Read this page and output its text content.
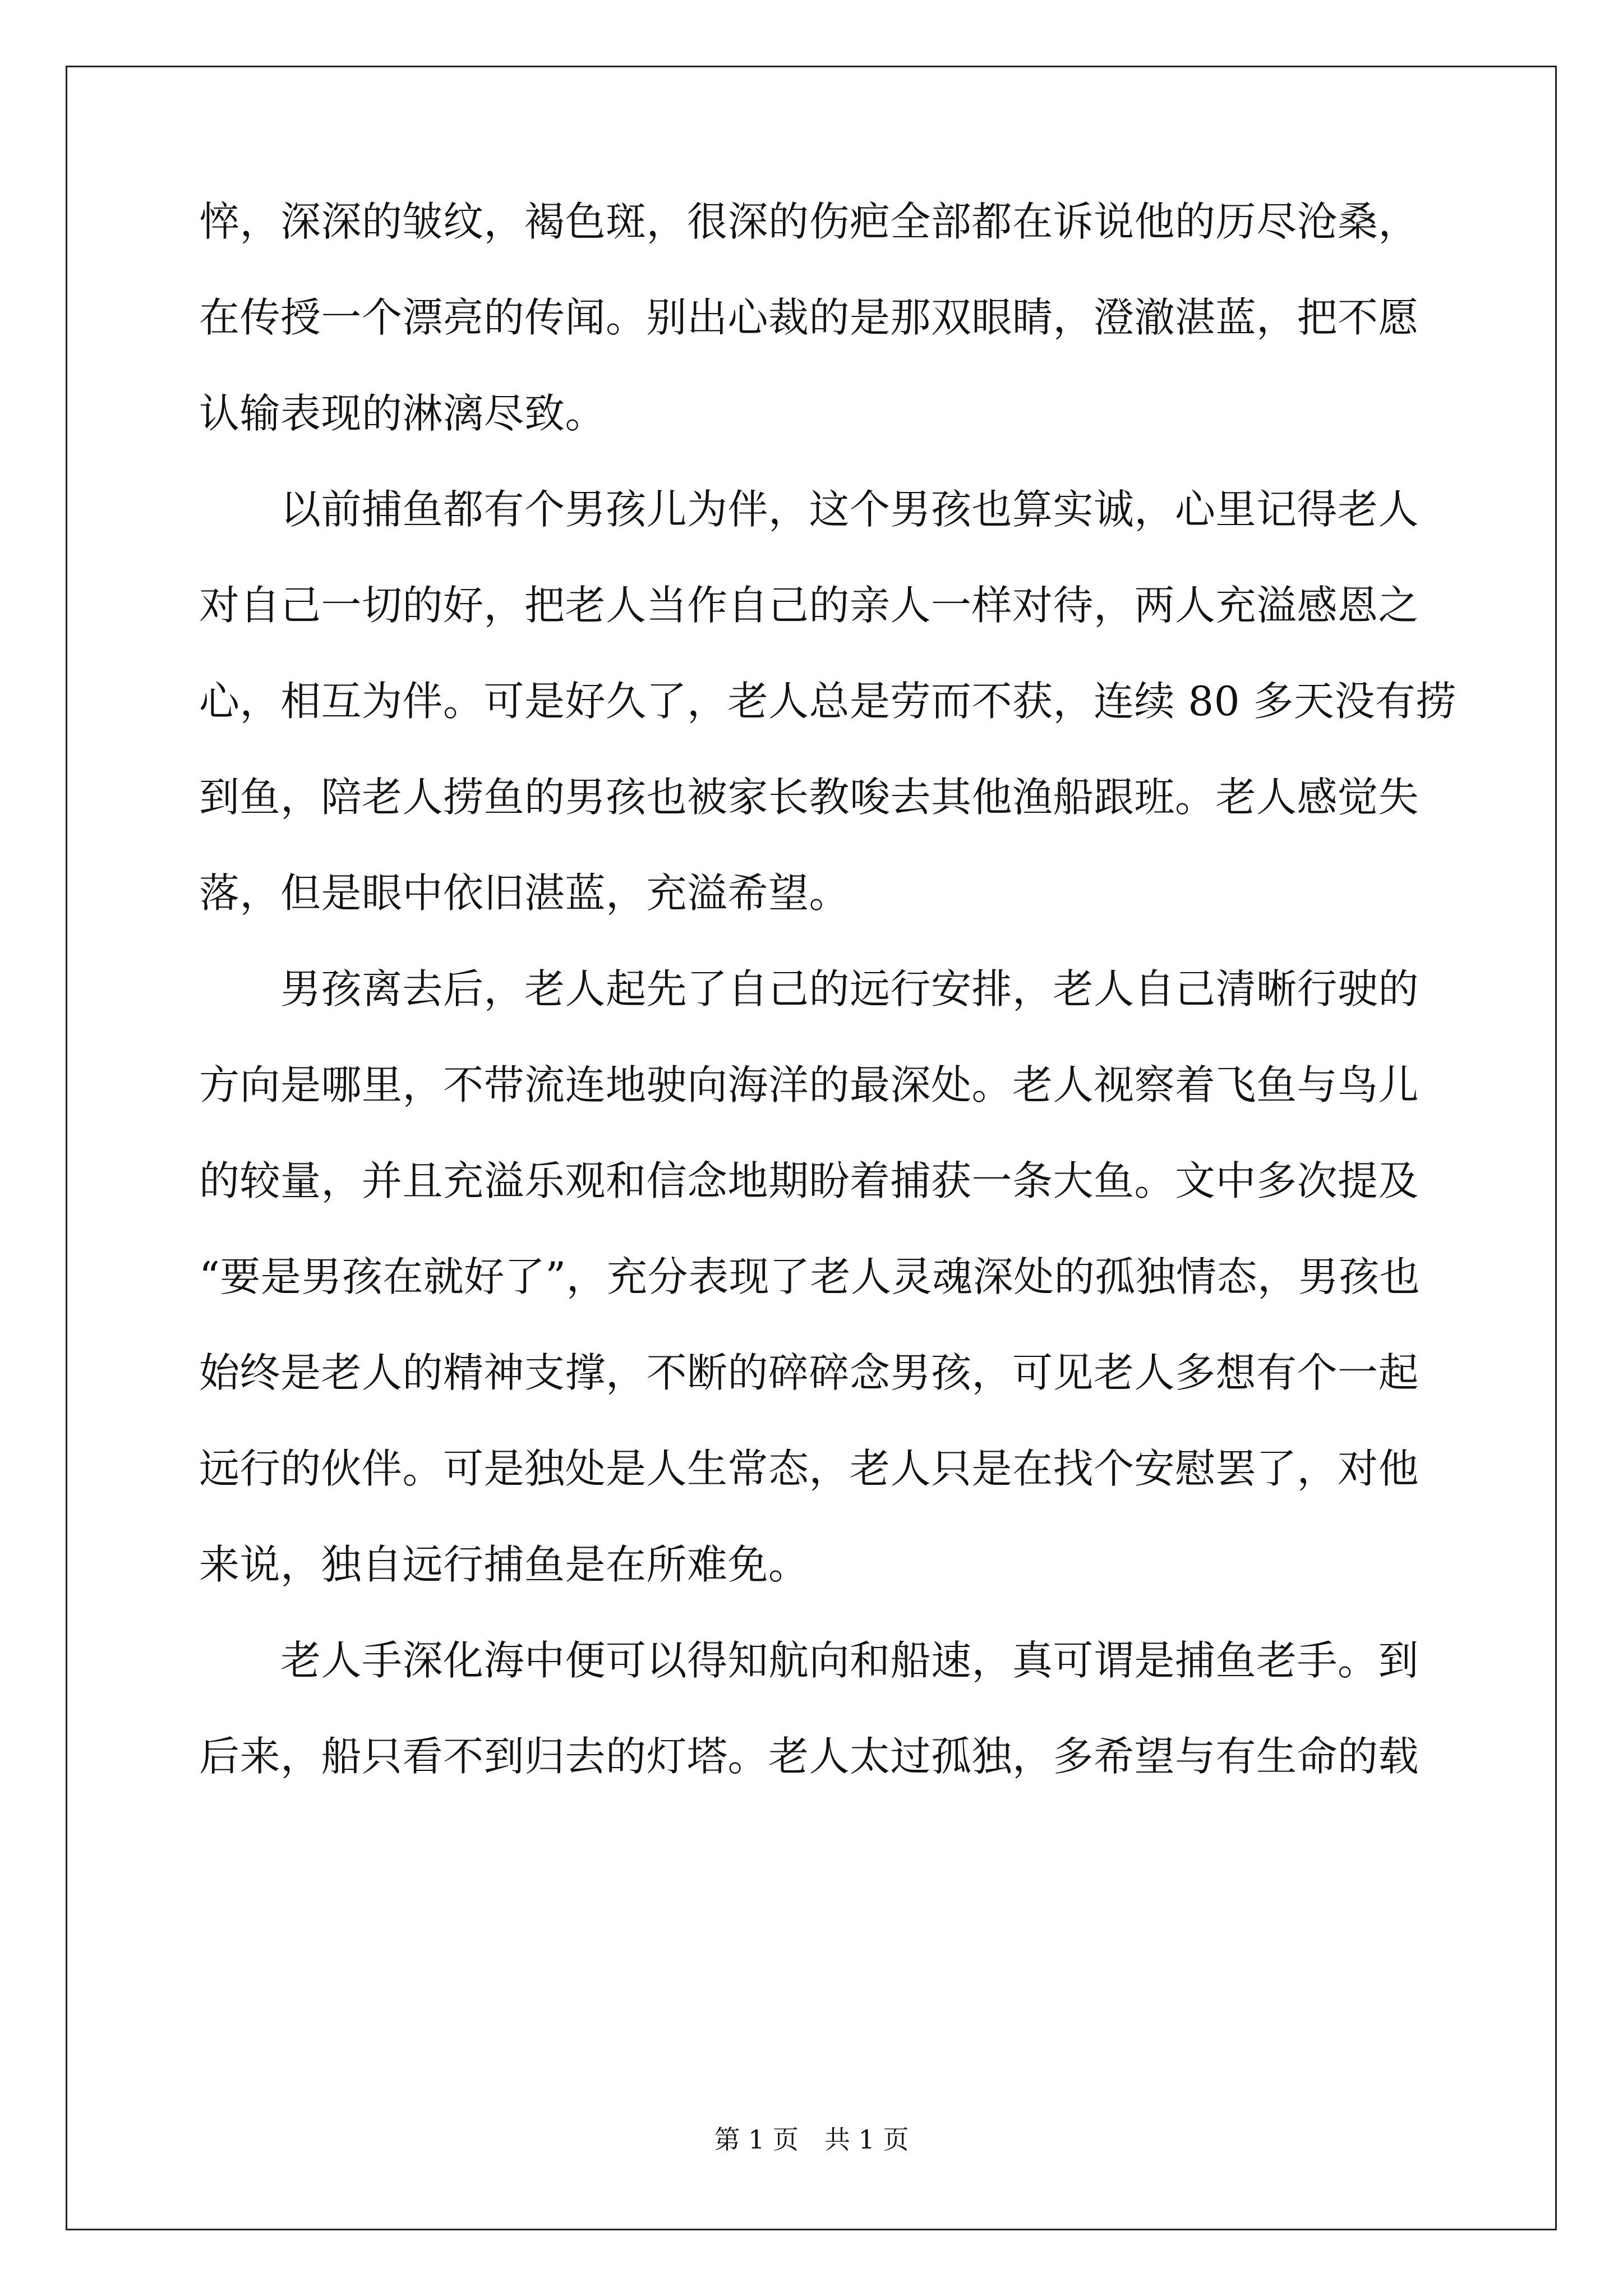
悴，深深的皱纹，褐色斑，很深的伤疤全部都在诉说他的历尽沧桑，
在传授一个漂亮的传闻。别出心裁的是那双眼睛，澄澈湛蓝，把不愿
认输表现的淋漓尽致。
　　以前捕鱼都有个男孩儿为伴，这个男孩也算实诚，心里记得老人
对自己一切的好，把老人当作自己的亲人一样对待，两人充溢感恩之
心，相互为伴。可是好久了，老人总是劳而不获，连续 80 多天没有捞
到鱼，陪老人捞鱼的男孩也被家长教唆去其他渔船跟班。老人感觉失
落，但是眼中依旧湛蓝，充溢希望。
　　男孩离去后，老人起先了自己的远行安排，老人自己清晰行驶的
方向是哪里，不带流连地驶向海洋的最深处。老人视察着飞鱼与鸟儿
的较量，并且充溢乐观和信念地期盼着捕获一条大鱼。文中多次提及
“要是男孩在就好了”，充分表现了老人灵魂深处的孤独情态，男孩也
始终是老人的精神支撑，不断的碎碎念男孩，可见老人多想有个一起
远行的伙伴。可是独处是人生常态，老人只是在找个安慰罢了，对他
来说，独自远行捕鱼是在所难免。
　　老人手深化海中便可以得知航向和船速，真可谓是捕鱼老手。到
后来，船只看不到归去的灯塔。老人太过孤独，多希望与有生命的载
第 1 页　共 1 页
